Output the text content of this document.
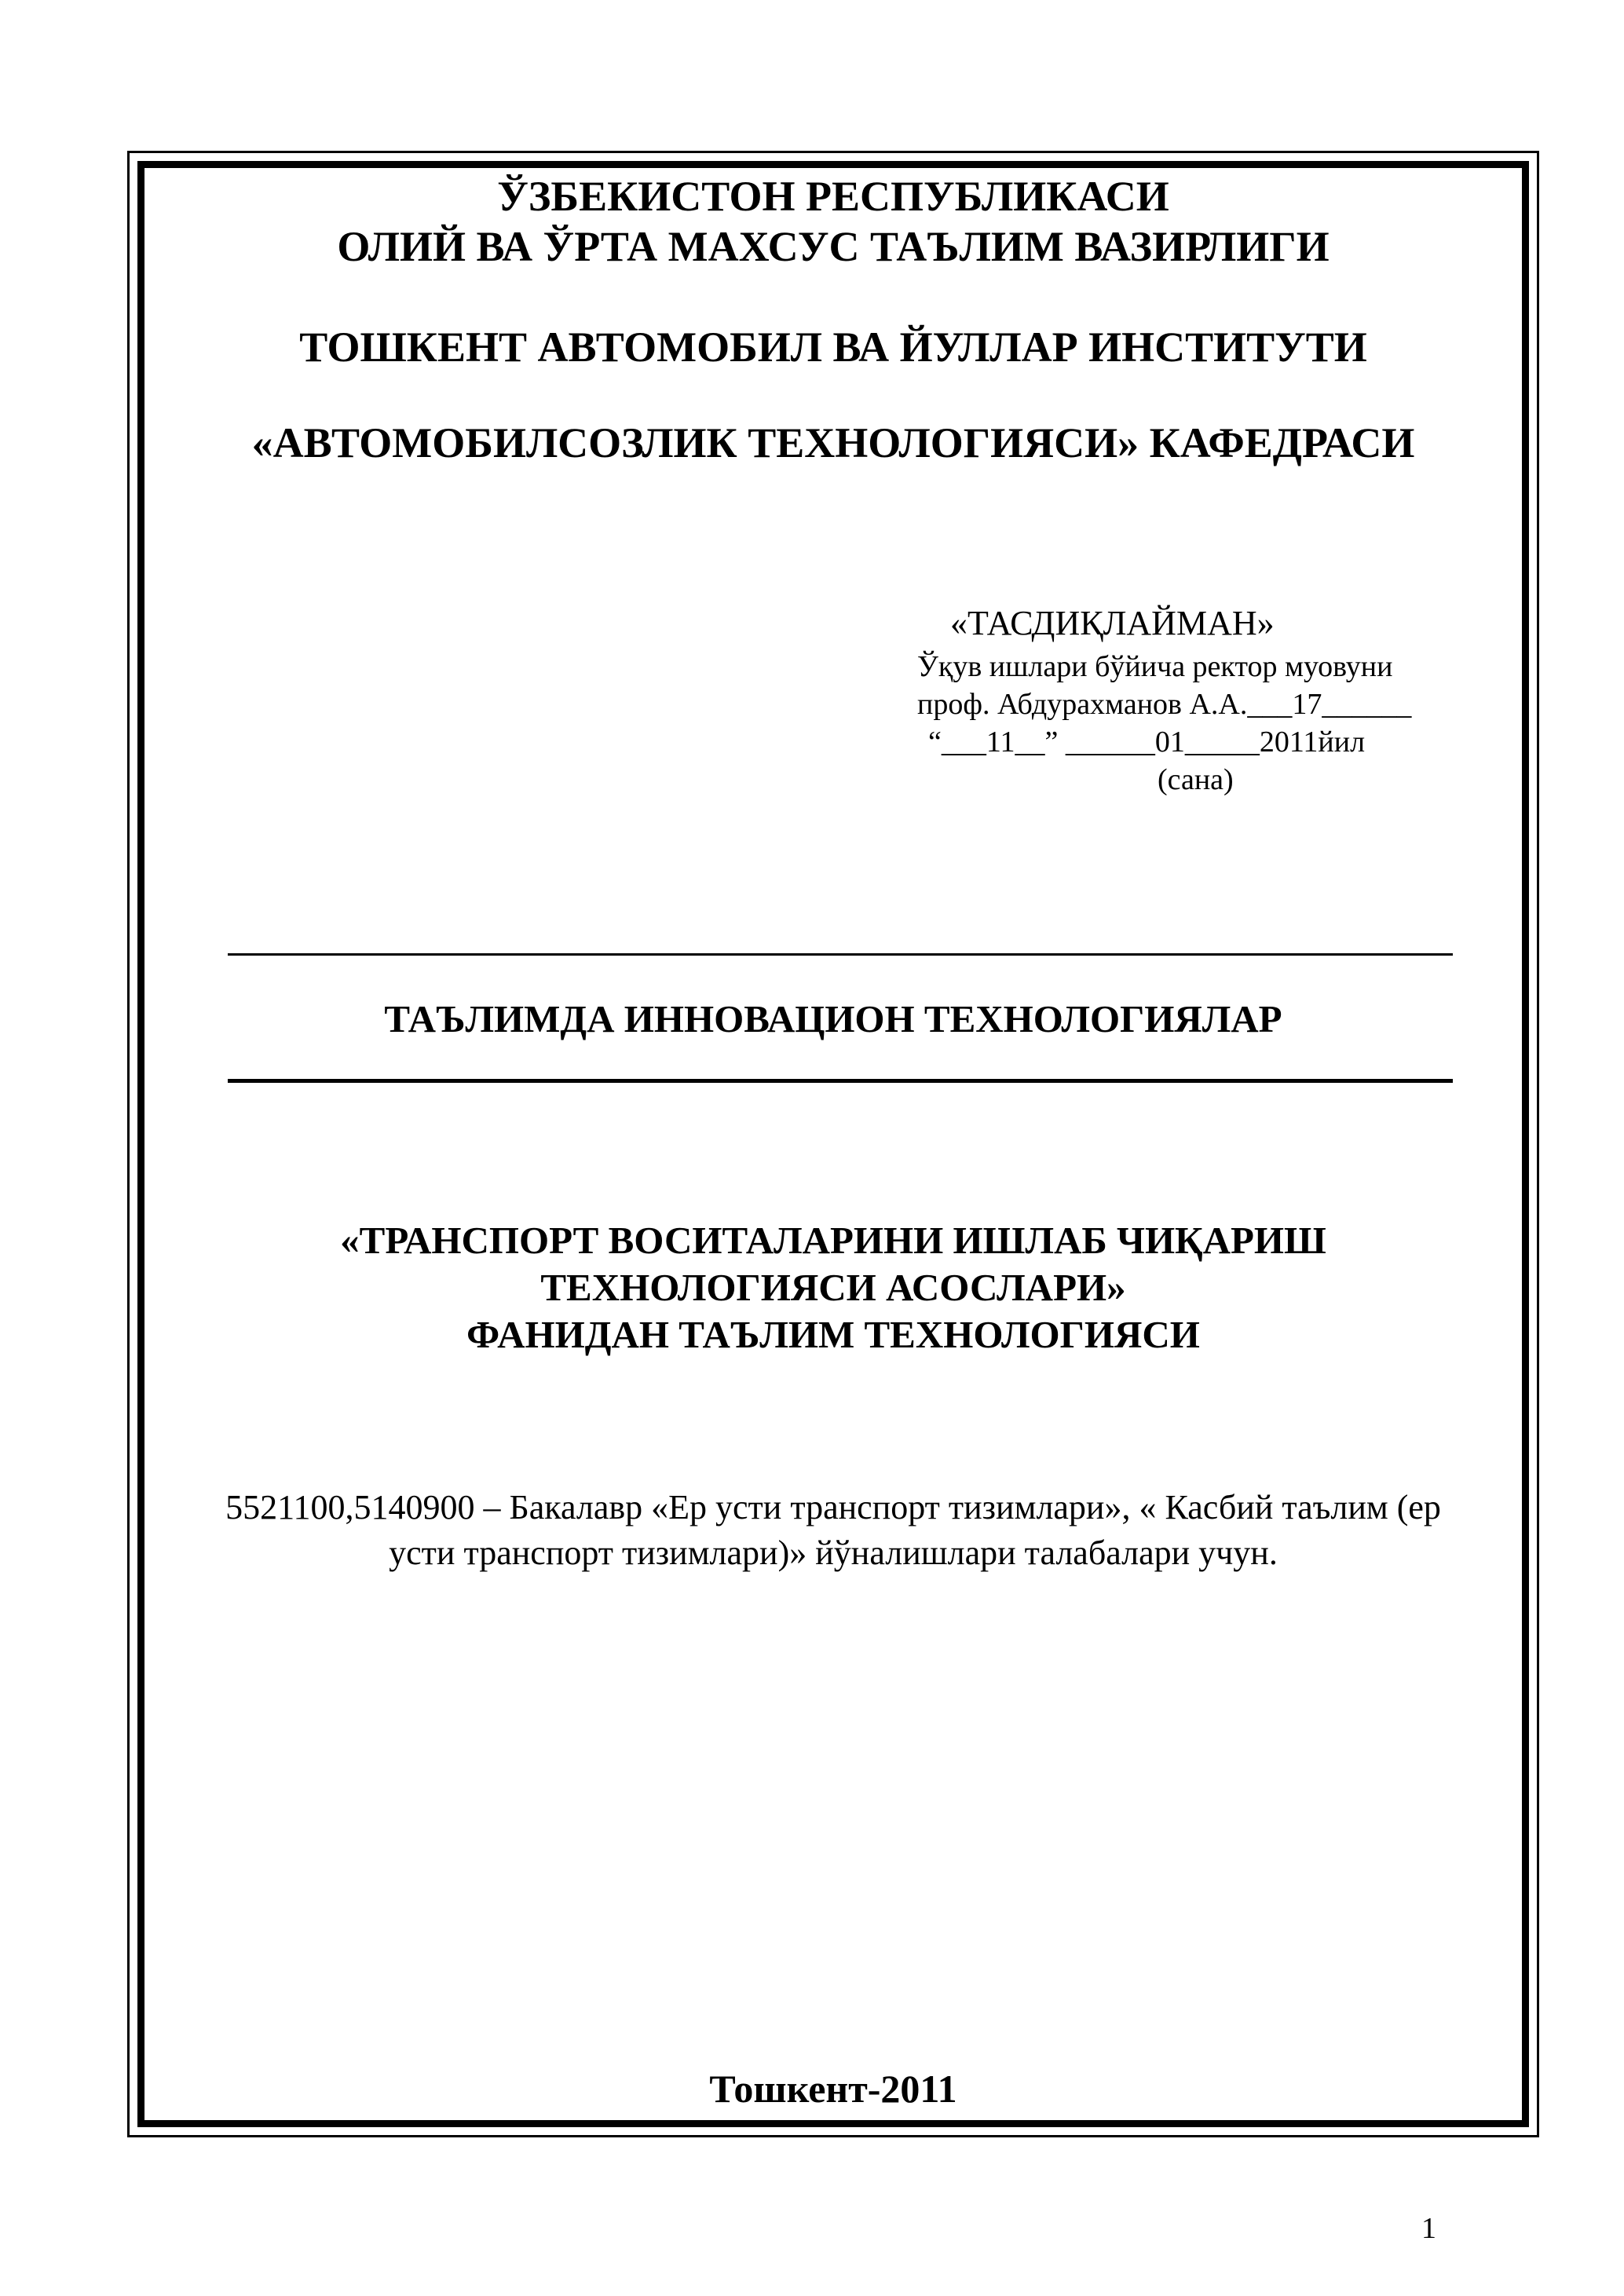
ЎЗБЕКИСТОН РЕСПУБЛИКАСИ
ОЛИЙ ВА ЎРТА МАХСУС ТАЪЛИМ ВАЗИРЛИГИ
ТОШКЕНТ АВТОМОБИЛ ВА ЙУЛЛАР ИНСТИТУТИ
«АВТОМОБИЛСОЗЛИК ТЕХНОЛОГИЯСИ» КАФЕДРАСИ
«ТАСДИҚЛАЙМАН»
Ўқув ишлари бўйича ректор муовуни
проф. Абдурахманов А.А.___17______
“___11__” ______01_____2011йил
(сана)
ТАЪЛИМДА ИННОВАЦИОН ТЕХНОЛОГИЯЛАР
«ТРАНСПОРТ ВОСИТАЛАРИНИ ИШЛАБ ЧИҚАРИШ
ТЕХНОЛОГИЯСИ АСОСЛАРИ»
ФАНИДАН ТАЪЛИМ ТЕХНОЛОГИЯСИ
5521100,5140900 – Бакалавр «Ер усти транспорт тизимлари», « Касбий таълим (ер
усти транспорт тизимлари)» йўналишлари талабалари учун.
Тошкент-2011
1
